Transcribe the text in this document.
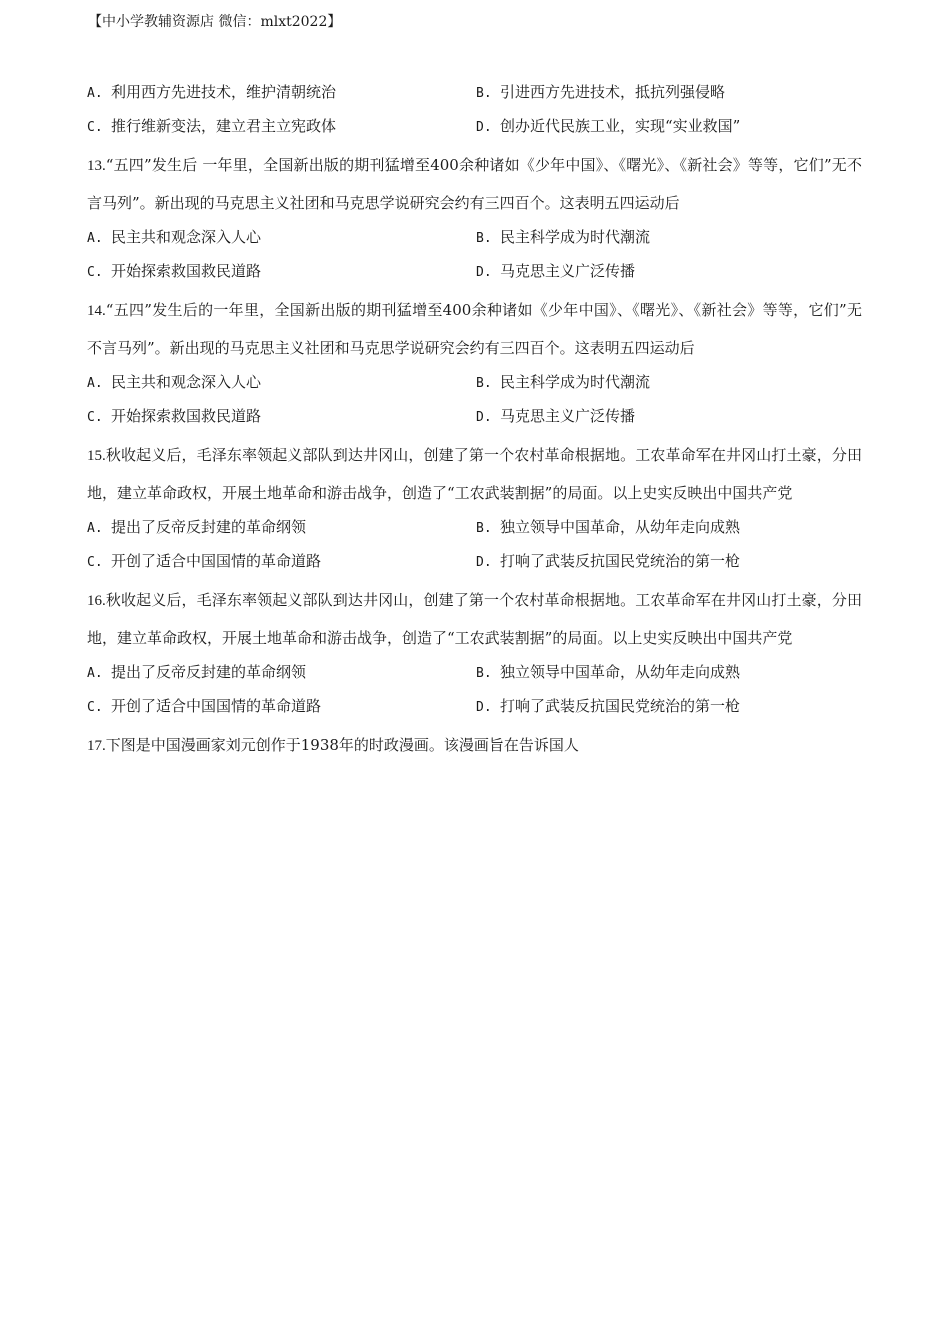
【中小学教辅资源店 微信：mlxt2022】
A. 利用西方先进技术，维护清朝统治	B. 引进西方先进技术，抵抗列强侵略
C. 推行维新变法，建立君主立宪政体	D. 创办近代民族工业，实现“实业救国”

13.“五四”发生后 一年里，全国新出版的期刊猛增至400余种诸如《少年中国》、《曙光》、《新社会》等等，它们”无不言马列”。新出现的马克思主义社团和马克思学说研究会约有三四百个。这表明五四运动后

A. 民主共和观念深入人心	B. 民主科学成为时代潮流
C. 开始探索救国救民道路	D. 马克思主义广泛传播

14.“五四”发生后的一年里，全国新出版的期刊猛增至400余种诸如《少年中国》、《曙光》、《新社会》等等，它们”无不言马列”。新出现的马克思主义社团和马克思学说研究会约有三四百个。这表明五四运动后

A. 民主共和观念深入人心	B. 民主科学成为时代潮流
C. 开始探索救国救民道路	D. 马克思主义广泛传播

15.秋收起义后，毛泽东率领起义部队到达井冈山，创建了第一个农村革命根据地。工农革命军在井冈山打土豪，分田地，建立革命政权，开展土地革命和游击战争，创造了“工农武装割据”的局面。以上史实反映出中国共产党

A. 提出了反帝反封建的革命纲领	B. 独立领导中国革命，从幼年走向成熟
C. 开创了适合中国国情的革命道路	D. 打响了武装反抗国民党统治的第一枪

16.秋收起义后，毛泽东率领起义部队到达井冈山，创建了第一个农村革命根据地。工农革命军在井冈山打土豪，分田地，建立革命政权，开展土地革命和游击战争，创造了“工农武装割据”的局面。以上史实反映出中国共产党

A. 提出了反帝反封建的革命纲领	B. 独立领导中国革命，从幼年走向成熟
C. 开创了适合中国国情的革命道路	D. 打响了武装反抗国民党统治的第一枪

17.下图是中国漫画家刘元创作于1938年的时政漫画。该漫画旨在告诉国人
